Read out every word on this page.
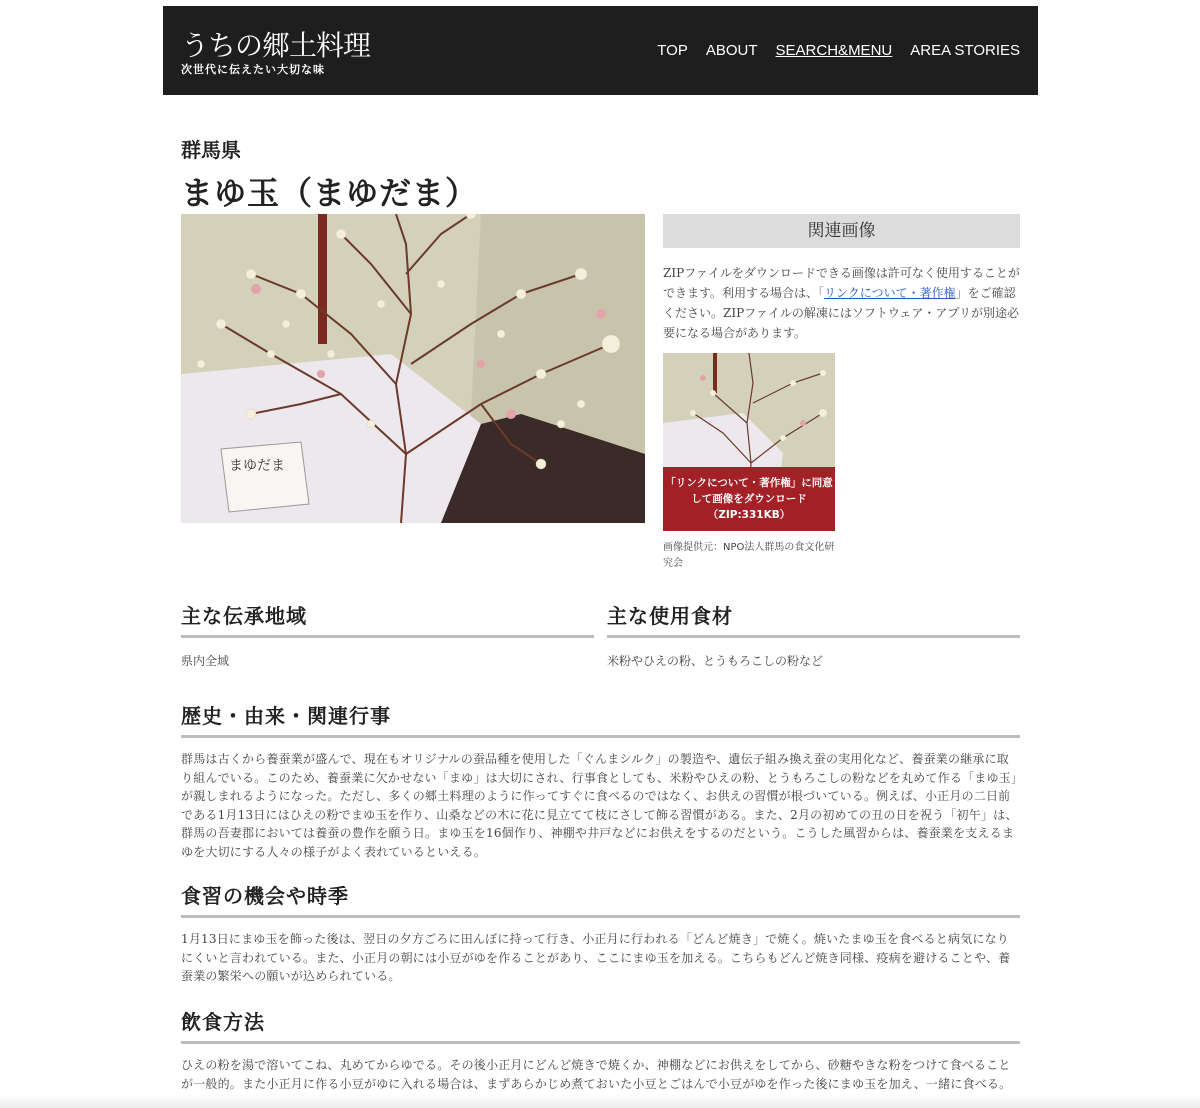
うちの郷土料理
次世代に伝えたい大切な味
TOP ABOUT SEARCH&MENU AREA STORIES
群馬県
まゆ玉（まゆだま）
まゆだま
関連画像

ZIPファイルをダウンロードできる画像は許可なく使用することができます。利用する場合は、「リンクについて・著作権」をご確認ください。ZIPファイルの解凍にはソフトウェア・アプリが別途必要になる場合があります。

「リンクについて・著作権」に同意して画像をダウンロード（ZIP:331KB）
画像提供元：NPO法人群馬の食文化研究会
主な伝承地域

県内全域

主な使用食材

米粉やひえの粉、とうもろこしの粉など

歴史・由来・関連行事

群馬は古くから養蚕業が盛んで、現在もオリジナルの蚕品種を使用した「ぐんまシルク」の製造や、遺伝子組み換え蚕の実用化など、養蚕業の継承に取り組んでいる。このため、養蚕業に欠かせない「まゆ」は大切にされ、行事食としても、米粉やひえの粉、とうもろこしの粉などを丸めて作る「まゆ玉」が親しまれるようになった。ただし、多くの郷土料理のように作ってすぐに食べるのではなく、お供えの習慣が根づいている。例えば、小正月の二日前である1月13日にはひえの粉でまゆ玉を作り、山桑などの木に花に見立てて枝にさして飾る習慣がある。また、2月の初めての丑の日を祝う「初午」は、群馬の吾妻郡においては養蚕の豊作を願う日。まゆ玉を16個作り、神棚や井戸などにお供えをするのだという。こうした風習からは、養蚕業を支えるまゆを大切にする人々の様子がよく表れているといえる。

食習の機会や時季

1月13日にまゆ玉を飾った後は、翌日の夕方ごろに田んぼに持って行き、小正月に行われる「どんど焼き」で焼く。焼いたまゆ玉を食べると病気になりにくいと言われている。また、小正月の朝には小豆がゆを作ることがあり、ここにまゆ玉を加える。こちらもどんど焼き同様、疫病を避けることや、養蚕業の繁栄への願いが込められている。

飲食方法

ひえの粉を湯で溶いてこね、丸めてからゆでる。その後小正月にどんど焼きで焼くか、神棚などにお供えをしてから、砂糖やきな粉をつけて食べることが一般的。また小正月に作る小豆がゆに入れる場合は、まずあらかじめ煮ておいた小豆とごはんで小豆がゆを作った後にまゆ玉を加え、一緒に食べる。
